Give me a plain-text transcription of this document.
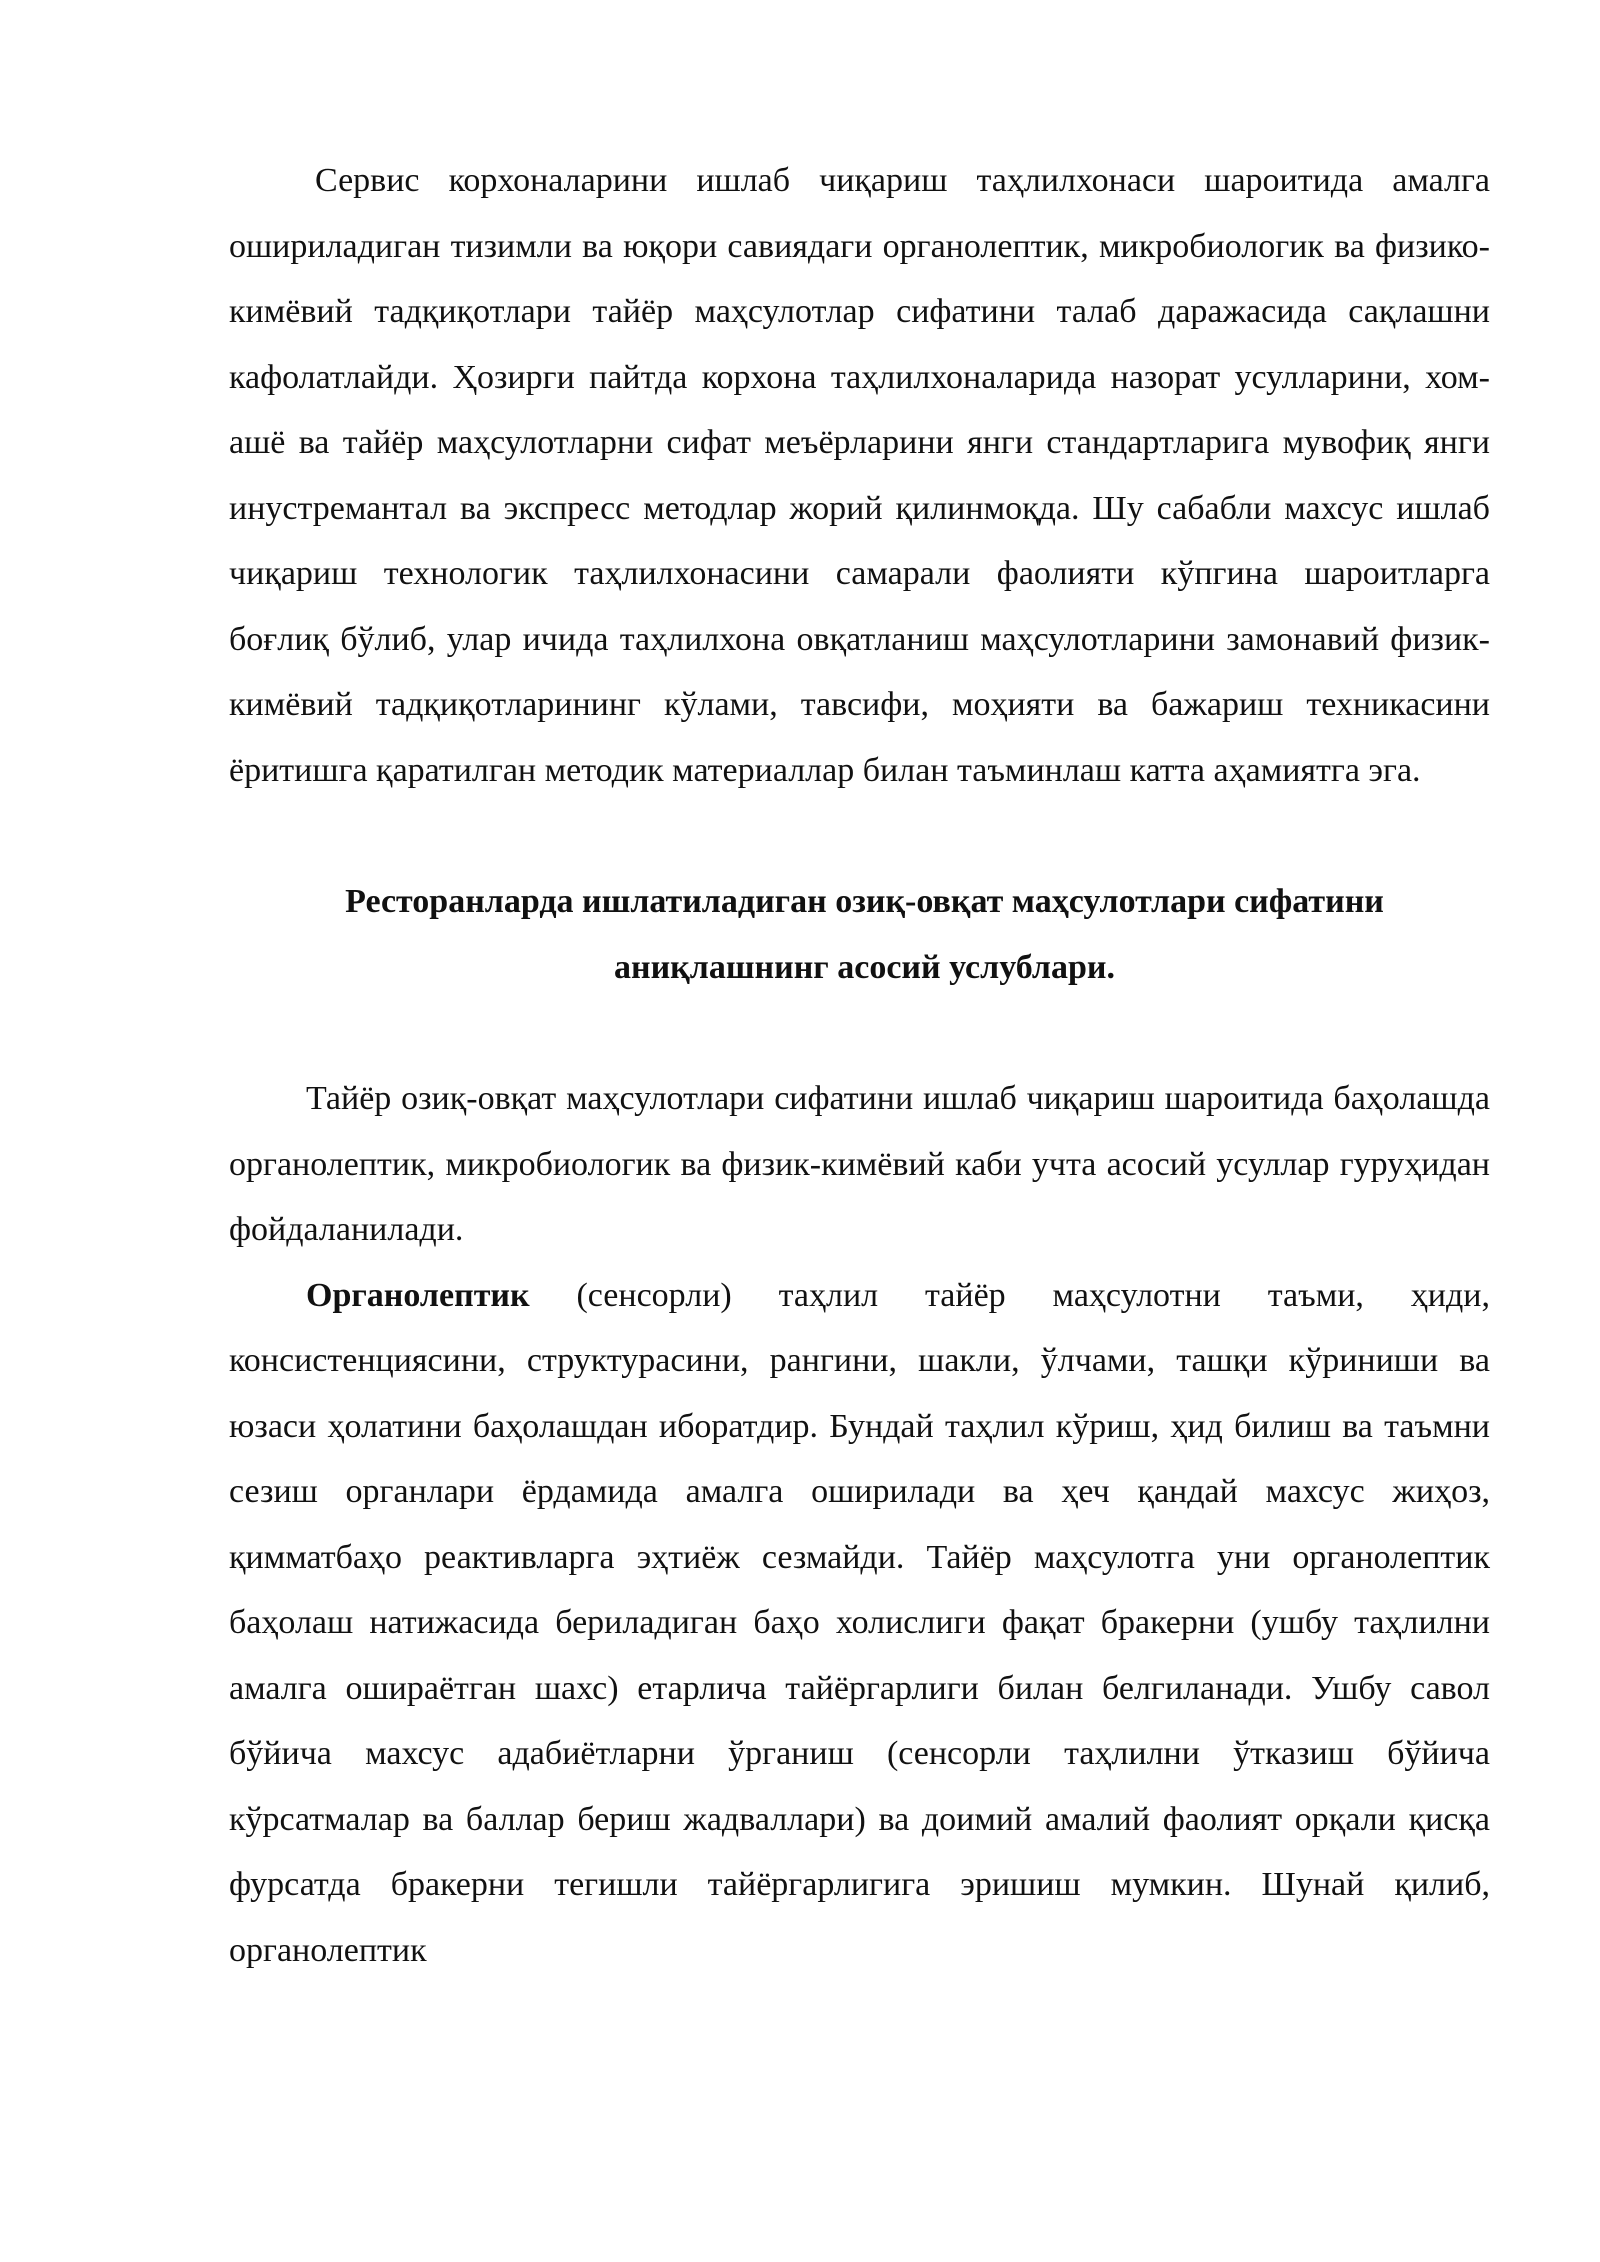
Сервис корхоналарини ишлаб чиқариш таҳлилхонаси шароитида амалга ошириладиган тизимли ва юқори савиядаги органолептик, микробиологик ва физико-кимёвий тадқиқотлари тайёр маҳсулотлар сифатини талаб даражасида сақлашни кафолатлайди. Ҳозирги пайтда корхона таҳлилхоналарида назорат усулларини, хом-ашё ва тайёр маҳсулотларни сифат меъёрларини янги стандартларига мувофиқ янги инустремантал ва экспресс методлар жорий қилинмоқда. Шу сабабли махсус ишлаб чиқариш технологик таҳлилхонасини самарали фаолияти кўпгина шароитларга боғлиқ бўлиб, улар ичида таҳлилхона овқатланиш маҳсулотларини замонавий физик-кимёвий тадқиқотларининг кўлами, тавсифи, моҳияти ва бажариш техникасини ёритишга қаратилган методик материаллар билан таъминлаш катта аҳамиятга эга.

Ресторанларда ишлатиладиган озиқ-овқат маҳсулотлари сифатини
аниқлашнинг асосий услублари.

Тайёр озиқ-овқат маҳсулотлари сифатини ишлаб чиқариш шароитида баҳолашда органолептик, микробиологик ва физик-кимёвий каби учта асосий усуллар гуруҳидан фойдаланилади.

Органолептик (сенсорли) таҳлил тайёр маҳсулотни таъми, ҳиди, консистенциясини, структурасини, рангини, шакли, ўлчами, ташқи кўриниши ва юзаси ҳолатини баҳолашдан иборатдир. Бундай таҳлил кўриш, ҳид билиш ва таъмни сезиш органлари ёрдамида амалга оширилади ва ҳеч қандай махсус жиҳоз, қимматбаҳо реактивларга эҳтиёж сезмайди. Тайёр маҳсулотга уни органолептик баҳолаш натижасида бериладиган баҳо холислиги фақат бракерни (ушбу таҳлилни амалга ошираётган шахс) етарлича тайёргарлиги билан белгиланади. Ушбу савол бўйича махсус адабиётларни ўрганиш (сенсорли таҳлилни ўтказиш бўйича кўрсатмалар ва баллар бериш жадваллари) ва доимий амалий фаолият орқали қисқа фурсатда бракерни тегишли тайёргарлигига эришиш мумкин. Шунай қилиб, органолептик
